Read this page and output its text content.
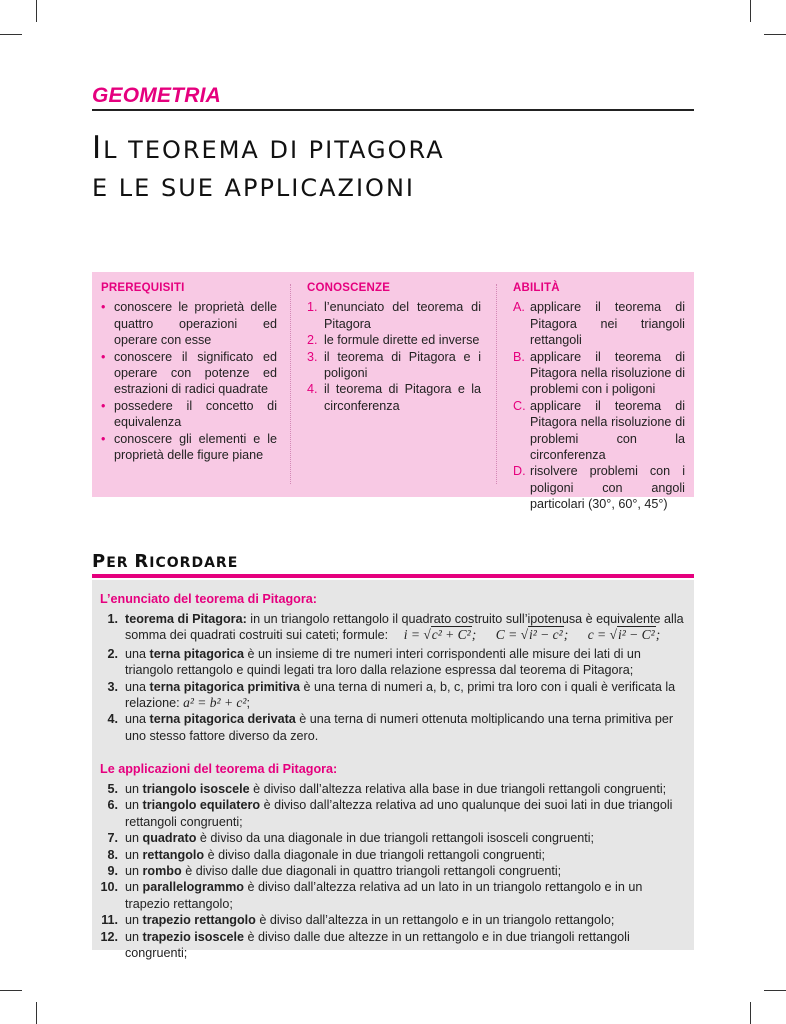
GEOMETRIA
IL TEOREMA DI PITAGORA
E LE SUE APPLICAZIONI
PREREQUISITI
• conoscere le proprietà delle quattro operazioni ed operare con esse
• conoscere il significato ed operare con potenze ed estrazioni di radici quadrate
• possedere il concetto di equivalenza
• conoscere gli elementi e le proprietà delle figure piane
CONOSCENZE
1. l’enunciato del teorema di Pitagora
2. le formule dirette ed inverse
3. il teorema di Pitagora e i poligoni
4. il teorema di Pitagora e la circonferenza
ABILITÀ
A. applicare il teorema di Pitagora nei triangoli rettangoli
B. applicare il teorema di Pitagora nella risoluzione di problemi con i poligoni
C. applicare il teorema di Pitagora nella risoluzione di problemi con la circonferenza
D. risolvere problemi con i poligoni con angoli particolari (30°, 60°, 45°)
PER RICORDARE
L’enunciato del teorema di Pitagora:
1. teorema di Pitagora: in un triangolo rettangolo il quadrato costruito sull’ipotenusa è equivalente alla somma dei quadrati costruiti sui cateti; formule: i = √c² + C²; C = √i² − c²; c = √i² − C²;
2. una terna pitagorica è un insieme di tre numeri interi corrispondenti alle misure dei lati di un triangolo rettangolo e quindi legati tra loro dalla relazione espressa dal teorema di Pitagora;
3. una terna pitagorica primitiva è una terna di numeri a, b, c, primi tra loro con i quali è verificata la relazione: a² = b² + c²;
4. una terna pitagorica derivata è una terna di numeri ottenuta moltiplicando una terna primitiva per uno stesso fattore diverso da zero.
Le applicazioni del teorema di Pitagora:
5. un triangolo isoscele è diviso dall’altezza relativa alla base in due triangoli rettangoli congruenti;
6. un triangolo equilatero è diviso dall’altezza relativa ad uno qualunque dei suoi lati in due triangoli rettangoli congruenti;
7. un quadrato è diviso da una diagonale in due triangoli rettangoli isosceli congruenti;
8. un rettangolo è diviso dalla diagonale in due triangoli rettangoli congruenti;
9. un rombo è diviso dalle due diagonali in quattro triangoli rettangoli congruenti;
10. un parallelogrammo è diviso dall’altezza relativa ad un lato in un triangolo rettangolo e in un trapezio rettangolo;
11. un trapezio rettangolo è diviso dall’altezza in un rettangolo e in un triangolo rettangolo;
12. un trapezio isoscele è diviso dalle due altezze in un rettangolo e in due triangoli rettangoli congruenti;
